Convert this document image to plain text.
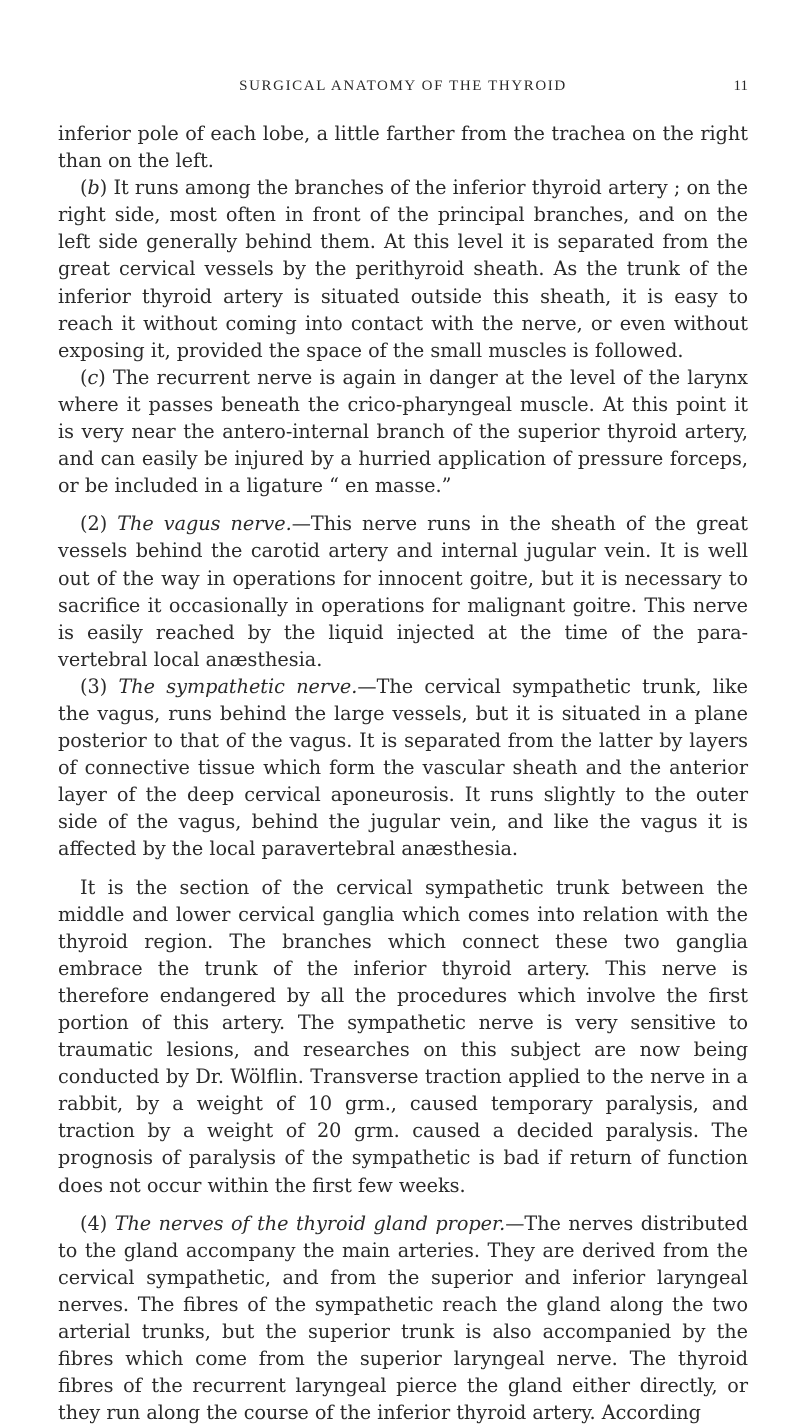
SURGICAL ANATOMY OF THE THYROID	11

inferior pole of each lobe, a little farther from the trachea on the right than on the left.

(b) It runs among the branches of the inferior thyroid artery ; on the right side, most often in front of the principal branches, and on the left side generally behind them. At this level it is separated from the great cervical vessels by the perithyroid sheath. As the trunk of the inferior thyroid artery is situated outside this sheath, it is easy to reach it without coming into contact with the nerve, or even without exposing it, provided the space of the small muscles is followed.

(c) The recurrent nerve is again in danger at the level of the larynx where it passes beneath the crico-pharyngeal muscle. At this point it is very near the antero-internal branch of the superior thyroid artery, and can easily be injured by a hurried application of pressure forceps, or be included in a ligature “ en masse.”

(2) The vagus nerve.—This nerve runs in the sheath of the great vessels behind the carotid artery and internal jugular vein. It is well out of the way in operations for innocent goitre, but it is necessary to sacrifice it occasionally in operations for malignant goitre. This nerve is easily reached by the liquid injected at the time of the para-vertebral local anæsthesia.

(3) The sympathetic nerve.—The cervical sympathetic trunk, like the vagus, runs behind the large vessels, but it is situated in a plane posterior to that of the vagus. It is separated from the latter by layers of connective tissue which form the vascular sheath and the anterior layer of the deep cervical aponeurosis. It runs slightly to the outer side of the vagus, behind the jugular vein, and like the vagus it is affected by the local paravertebral anæsthesia.

It is the section of the cervical sympathetic trunk between the middle and lower cervical ganglia which comes into relation with the thyroid region. The branches which connect these two ganglia embrace the trunk of the inferior thyroid artery. This nerve is therefore endangered by all the procedures which involve the first portion of this artery. The sympathetic nerve is very sensitive to traumatic lesions, and researches on this subject are now being conducted by Dr. Wölflin. Transverse traction applied to the nerve in a rabbit, by a weight of 10 grm., caused temporary paralysis, and traction by a weight of 20 grm. caused a decided paralysis. The prognosis of paralysis of the sympathetic is bad if return of function does not occur within the first few weeks.

(4) The nerves of the thyroid gland proper.—The nerves distributed to the gland accompany the main arteries. They are derived from the cervical sympathetic, and from the superior and inferior laryngeal nerves. The fibres of the sympathetic reach the gland along the two arterial trunks, but the superior trunk is also accompanied by the fibres which come from the superior laryngeal nerve. The thyroid fibres of the recurrent laryngeal pierce the gland either directly, or they run along the course of the inferior thyroid artery. According
